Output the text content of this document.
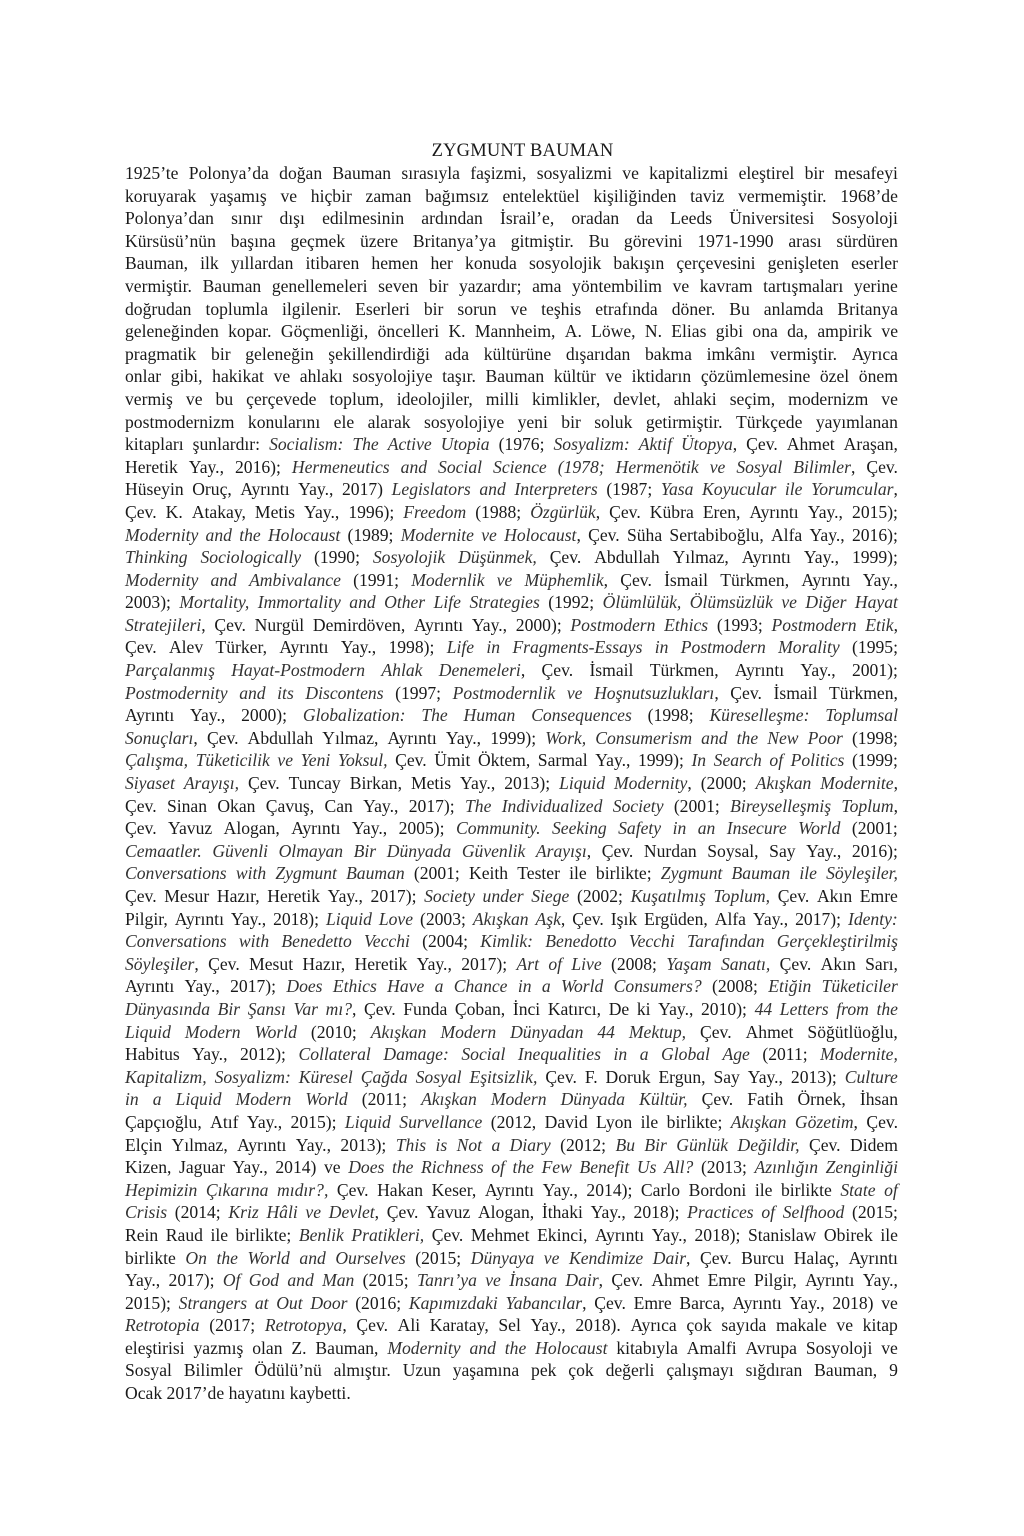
ZYGMUNT BAUMAN
1925’te Polonya’da doğan Bauman sırasıyla faşizmi, sosyalizmi ve kapitalizmi eleştirel bir mesafeyi
koruyarak yaşamış ve hiçbir zaman bağımsız entelektüel kişiliğinden taviz vermemiştir. 1968’de
Polonya’dan sınır dışı edilmesinin ardından İsrail’e, oradan da Leeds Üniversitesi Sosyoloji
Kürsüsü’nün başına geçmek üzere Britanya’ya gitmiştir. Bu görevini 1971-1990 arası sürdüren
Bauman, ilk yıllardan itibaren hemen her konuda sosyolojik bakışın çerçevesini genişleten eserler
vermiştir. Bauman genellemeleri seven bir yazardır; ama yöntembilim ve kavram tartışmaları yerine
doğrudan toplumla ilgilenir. Eserleri bir sorun ve teşhis etrafında döner. Bu anlamda Britanya
geleneğinden kopar. Göçmenliği, öncelleri K. Mannheim, A. Löwe, N. Elias gibi ona da, ampirik ve
pragmatik bir geleneğin şekillendirdiği ada kültürüne dışarıdan bakma imkânı vermiştir. Ayrıca
onlar gibi, hakikat ve ahlakı sosyolojiye taşır. Bauman kültür ve iktidarın çözümlemesine özel önem
vermiş ve bu çerçevede toplum, ideolojiler, milli kimlikler, devlet, ahlaki seçim, modernizm ve
postmodernizm konularını ele alarak sosyolojiye yeni bir soluk getirmiştir. Türkçede yayımlanan
kitapları şunlardır: Socialism: The Active Utopia (1976; Sosyalizm: Aktif Ütopya, Çev. Ahmet Araşan,
Heretik Yay., 2016); Hermeneutics and Social Science (1978; Hermenötik ve Sosyal Bilimler, Çev.
Hüseyin Oruç, Ayrıntı Yay., 2017) Legislators and Interpreters (1987; Yasa Koyucular ile Yorumcular,
Çev. K. Atakay, Metis Yay., 1996); Freedom (1988; Özgürlük, Çev. Kübra Eren, Ayrıntı Yay., 2015);
Modernity and the Holocaust (1989; Modernite ve Holocaust, Çev. Süha Sertabiboğlu, Alfa Yay., 2016);
Thinking Sociologically (1990; Sosyolojik Düşünmek, Çev. Abdullah Yılmaz, Ayrıntı Yay., 1999);
Modernity and Ambivalance (1991; Modernlik ve Müphemlik, Çev. İsmail Türkmen, Ayrıntı Yay.,
2003); Mortality, Immortality and Other Life Strategies (1992; Ölümlülük, Ölümsüzlük ve Diğer Hayat
Stratejileri, Çev. Nurgül Demirdöven, Ayrıntı Yay., 2000); Postmodern Ethics (1993; Postmodern Etik,
Çev. Alev Türker, Ayrıntı Yay., 1998); Life in Fragments-Essays in Postmodern Morality (1995;
Parçalanmış Hayat-Postmodern Ahlak Denemeleri, Çev. İsmail Türkmen, Ayrıntı Yay., 2001);
Postmodernity and its Discontens (1997; Postmodernlik ve Hoşnutsuzlukları, Çev. İsmail Türkmen,
Ayrıntı Yay., 2000); Globalization: The Human Consequences (1998; Küreselleşme: Toplumsal
Sonuçları, Çev. Abdullah Yılmaz, Ayrıntı Yay., 1999); Work, Consumerism and the New Poor (1998;
Çalışma, Tüketicilik ve Yeni Yoksul, Çev. Ümit Öktem, Sarmal Yay., 1999); In Search of Politics (1999;
Siyaset Arayışı, Çev. Tuncay Birkan, Metis Yay., 2013); Liquid Modernity, (2000; Akışkan Modernite,
Çev. Sinan Okan Çavuş, Can Yay., 2017); The Individualized Society (2001; Bireyselleşmiş Toplum,
Çev. Yavuz Alogan, Ayrıntı Yay., 2005); Community. Seeking Safety in an Insecure World (2001;
Cemaatler. Güvenli Olmayan Bir Dünyada Güvenlik Arayışı, Çev. Nurdan Soysal, Say Yay., 2016);
Conversations with Zygmunt Bauman (2001; Keith Tester ile birlikte; Zygmunt Bauman ile Söyleşiler,
Çev. Mesur Hazır, Heretik Yay., 2017); Society under Siege (2002; Kuşatılmış Toplum, Çev. Akın Emre
Pilgir, Ayrıntı Yay., 2018); Liquid Love (2003; Akışkan Aşk, Çev. Işık Ergüden, Alfa Yay., 2017); Identy:
Conversations with Benedetto Vecchi (2004; Kimlik: Benedotto Vecchi Tarafından Gerçekleştirilmiş
Söyleşiler, Çev. Mesut Hazır, Heretik Yay., 2017); Art of Live (2008; Yaşam Sanatı, Çev. Akın Sarı,
Ayrıntı Yay., 2017); Does Ethics Have a Chance in a World Consumers? (2008; Etiğin Tüketiciler
Dünyasında Bir Şansı Var mı?, Çev. Funda Çoban, İnci Katırcı, De ki Yay., 2010); 44 Letters from the
Liquid Modern World (2010; Akışkan Modern Dünyadan 44 Mektup, Çev. Ahmet Söğütlüoğlu,
Habitus Yay., 2012); Collateral Damage: Social Inequalities in a Global Age (2011; Modernite,
Kapitalizm, Sosyalizm: Küresel Çağda Sosyal Eşitsizlik, Çev. F. Doruk Ergun, Say Yay., 2013); Culture
in a Liquid Modern World (2011; Akışkan Modern Dünyada Kültür, Çev. Fatih Örnek, İhsan
Çapçıoğlu, Atıf Yay., 2015); Liquid Survellance (2012, David Lyon ile birlikte; Akışkan Gözetim, Çev.
Elçin Yılmaz, Ayrıntı Yay., 2013); This is Not a Diary (2012; Bu Bir Günlük Değildir, Çev. Didem
Kizen, Jaguar Yay., 2014) ve Does the Richness of the Few Benefit Us All? (2013; Azınlığın Zenginliği
Hepimizin Çıkarına mıdır?, Çev. Hakan Keser, Ayrıntı Yay., 2014); Carlo Bordoni ile birlikte State of
Crisis (2014; Kriz Hâli ve Devlet, Çev. Yavuz Alogan, İthaki Yay., 2018); Practices of Selfhood (2015;
Rein Raud ile birlikte; Benlik Pratikleri, Çev. Mehmet Ekinci, Ayrıntı Yay., 2018); Stanislaw Obirek ile
birlikte On the World and Ourselves (2015; Dünyaya ve Kendimize Dair, Çev. Burcu Halaç, Ayrıntı
Yay., 2017); Of God and Man (2015; Tanrı’ya ve İnsana Dair, Çev. Ahmet Emre Pilgir, Ayrıntı Yay.,
2015); Strangers at Out Door (2016; Kapımızdaki Yabancılar, Çev. Emre Barca, Ayrıntı Yay., 2018) ve
Retrotopia (2017; Retrotopya, Çev. Ali Karatay, Sel Yay., 2018). Ayrıca çok sayıda makale ve kitap
eleştirisi yazmış olan Z. Bauman, Modernity and the Holocaust kitabıyla Amalfi Avrupa Sosyoloji ve
Sosyal Bilimler Ödülü’nü almıştır. Uzun yaşamına pek çok değerli çalışmayı sığdıran Bauman, 9
Ocak 2017’de hayatını kaybetti.
